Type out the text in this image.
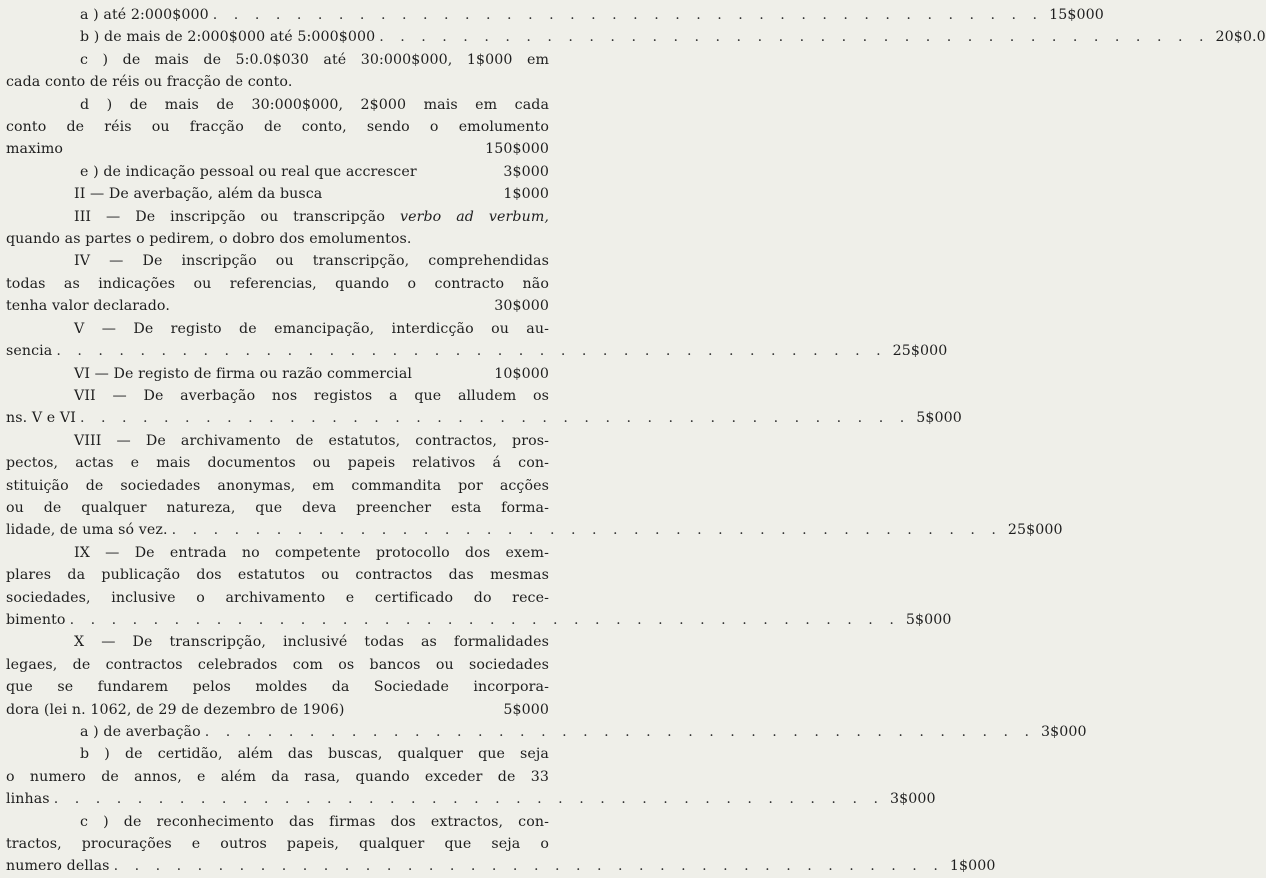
a ) até 2:000$000 . . . . . . . . . . . . . . . . . . . . . . . . . . . . . . . . . . . . . . . . 15$000
b ) de mais de 2:000$000 até 5:000$000 . . . . . . . . . . . . . . . . . . . . . . . . . . . . . . . . . . . . . . . . 20$0.0
c ) de mais de 5:0.0$030 até 30:000$000, 1$000 em
cada conto de réis ou fracção de conto.
d ) de mais de 30:000$000, 2$000 mais em cada
conto de réis ou fracção de conto, sendo o emolumento
maximo	150$000
e ) de indicação pessoal ou real que accrescer	3$000
II — De averbação, além da busca	1$000
III — De inscripção ou transcripção verbo ad verbum,
quando as partes o pedirem, o dobro dos emolumentos.
IV — De inscripção ou transcripção, comprehendidas
todas as indicações ou referencias, quando o contracto não
tenha valor declarado.	30$000
V — De registo de emancipação, interdicção ou au-
sencia . . . . . . . . . . . . . . . . . . . . . . . . . . . . . . . . . . . . . . . . 25$000
VI — De registo de firma ou razão commercial	10$000
VII — De averbação nos registos a que alludem os
ns. V e VI . . . . . . . . . . . . . . . . . . . . . . . . . . . . . . . . . . . . . . . . 5$000
VIII — De archivamento de estatutos, contractos, pros-
pectos, actas e mais documentos ou papeis relativos á con-
stituição de sociedades anonymas, em commandita por acções
ou de qualquer natureza, que deva preencher esta forma-
lidade, de uma só vez. . . . . . . . . . . . . . . . . . . . . . . . . . . . . . . . . . . . . . . . . 25$000
IX — De entrada no competente protocollo dos exem-
plares da publicação dos estatutos ou contractos das mesmas
sociedades, inclusive o archivamento e certificado do rece-
bimento . . . . . . . . . . . . . . . . . . . . . . . . . . . . . . . . . . . . . . . . 5$000
X — De transcripção, inclusivé todas as formalidades
legaes, de contractos celebrados com os bancos ou sociedades
que se fundarem pelos moldes da Sociedade incorpora-
dora (lei n. 1062, de 29 de dezembro de 1906)	5$000
a ) de averbação . . . . . . . . . . . . . . . . . . . . . . . . . . . . . . . . . . . . . . . . 3$000
b ) de certidão, além das buscas, qualquer que seja
o numero de annos, e além da rasa, quando exceder de 33
linhas . . . . . . . . . . . . . . . . . . . . . . . . . . . . . . . . . . . . . . . . 3$000
c ) de reconhecimento das firmas dos extractos, con-
tractos, procurações e outros papeis, qualquer que seja o
numero dellas . . . . . . . . . . . . . . . . . . . . . . . . . . . . . . . . . . . . . . . . 1$000
